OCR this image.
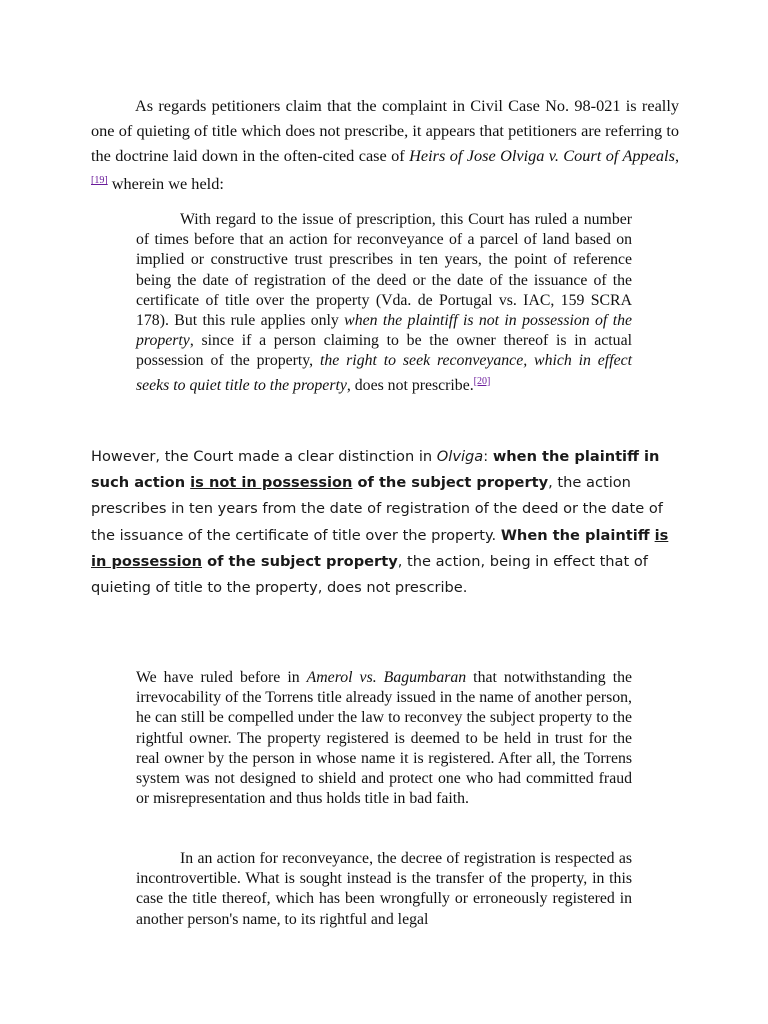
As regards petitioners claim that the complaint in Civil Case No. 98-021 is really one of quieting of title which does not prescribe, it appears that petitioners are referring to the doctrine laid down in the often-cited case of Heirs of Jose Olviga v. Court of Appeals,[19] wherein we held:

With regard to the issue of prescription, this Court has ruled a number of times before that an action for reconveyance of a parcel of land based on implied or constructive trust prescribes in ten years, the point of reference being the date of registration of the deed or the date of the issuance of the certificate of title over the property (Vda. de Portugal vs. IAC, 159 SCRA 178). But this rule applies only when the plaintiff is not in possession of the property, since if a person claiming to be the owner thereof is in actual possession of the property, the right to seek reconveyance, which in effect seeks to quiet title to the property, does not prescribe.[20]

However, the Court made a clear distinction in Olviga: when the plaintiff in such action is not in possession of the subject property, the action prescribes in ten years from the date of registration of the deed or the date of the issuance of the certificate of title over the property. When the plaintiff is in possession of the subject property, the action, being in effect that of quieting of title to the property, does not prescribe.

We have ruled before in Amerol vs. Bagumbaran that notwithstanding the irrevocability of the Torrens title already issued in the name of another person, he can still be compelled under the law to reconvey the subject property to the rightful owner. The property registered is deemed to be held in trust for the real owner by the person in whose name it is registered. After all, the Torrens system was not designed to shield and protect one who had committed fraud or misrepresentation and thus holds title in bad faith.

In an action for reconveyance, the decree of registration is respected as incontrovertible. What is sought instead is the transfer of the property, in this case the title thereof, which has been wrongfully or erroneously registered in another person's name, to its rightful and legal
